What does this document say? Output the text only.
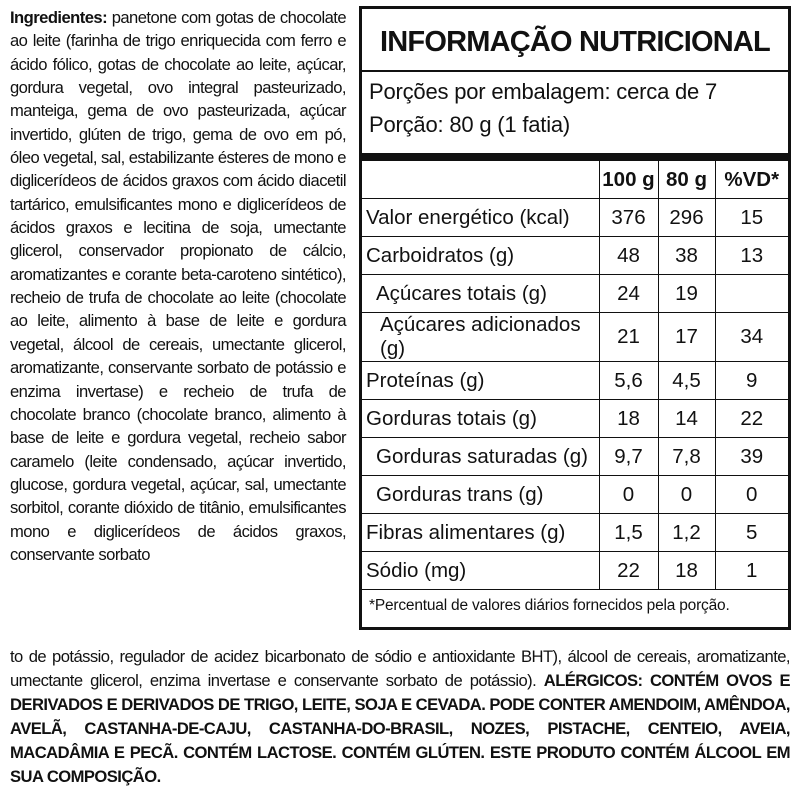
Ingredientes: panetone com gotas de chocolate ao leite (farinha de trigo enriquecida com ferro e ácido fólico, gotas de chocolate ao leite, açúcar, gordura vegetal, ovo integral pasteurizado, manteiga, gema de ovo pasteurizada, açúcar invertido, glúten de trigo, gema de ovo em pó, óleo vegetal, sal, estabilizante ésteres de mono e diglicerídeos de ácidos graxos com ácido diacetil tartárico, emulsificantes mono e diglicerídeos de ácidos graxos e lecitina de soja, umectante glicerol, conservador propionato de cálcio, aromatizantes e corante beta-caroteno sintético), recheio de trufa de chocolate ao leite (chocolate ao leite, alimento à base de leite e gordura vegetal, álcool de cereais, umectante glicerol, aromatizante, conservante sorbato de potássio e enzima invertase) e recheio de trufa de chocolate branco (chocolate branco, alimento à base de leite e gordura vegetal, recheio sabor caramelo (leite condensado, açúcar invertido, glucose, gordura vegetal, açúcar, sal, umectante sorbitol, corante dióxido de titânio, emulsificantes mono e diglicerídeos de ácidos graxos, conservante sorbato
to de potássio, regulador de acidez bicarbonato de sódio e antioxidante BHT), álcool de cereais, aromatizante, umectante glicerol, enzima invertase e conservante sorbato de potássio). ALÉRGICOS: CONTÉM OVOS E DERIVADOS E DERIVADOS DE TRIGO, LEITE, SOJA E CEVADA. PODE CONTER AMENDOIM, AMÊNDOA, AVELÃ, CASTANHA-DE-CAJU, CASTANHA-DO-BRASIL, NOZES, PISTACHE, CENTEIO, AVEIA, MACADÂMIA E PECÃ. CONTÉM LACTOSE. CONTÉM GLÚTEN. ESTE PRODUTO CONTÉM ÁLCOOL EM SUA COMPOSIÇÃO.
INFORMAÇÃO NUTRICIONAL
Porções por embalagem: cerca de 7
Porção: 80 g (1 fatia)
	100 g	80 g	%VD*
Valor energético (kcal)	376	296	15
Carboidratos (g)	48	38	13
Açúcares totais (g)	24	19	
Açúcares adicionados (g)	21	17	34
Proteínas (g)	5,6	4,5	9
Gorduras totais (g)	18	14	22
Gorduras saturadas (g)	9,7	7,8	39
Gorduras trans (g)	0	0	0
Fibras alimentares (g)	1,5	1,2	5
Sódio (mg)	22	18	1
*Percentual de valores diários fornecidos pela porção.
